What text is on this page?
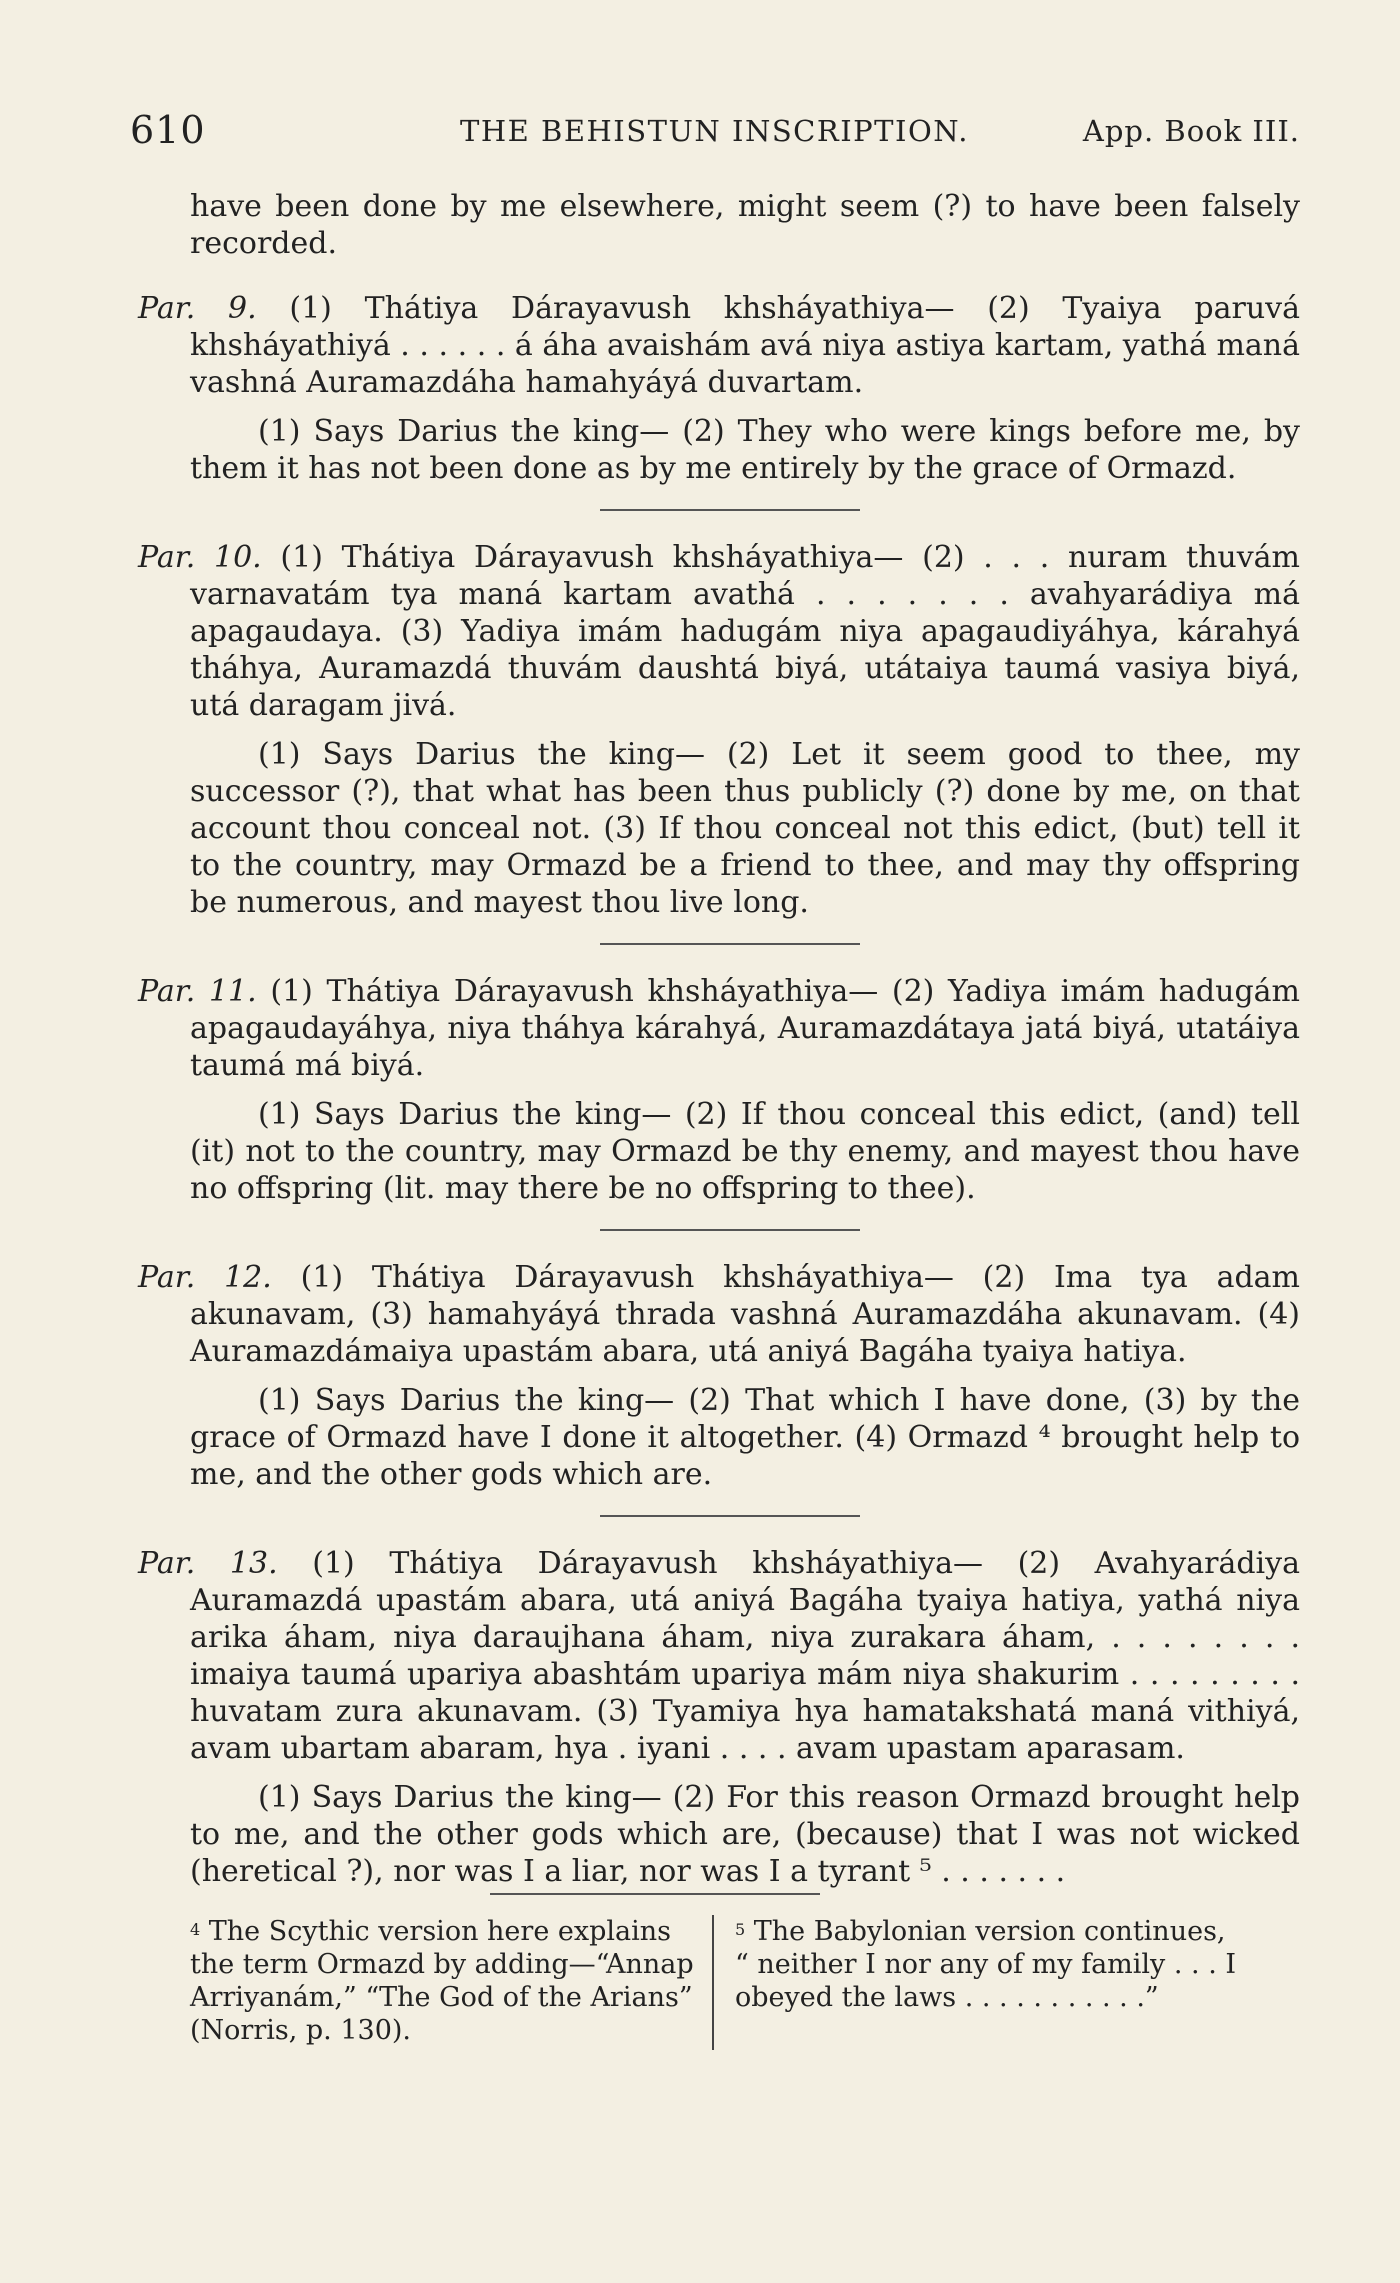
610	THE BEHISTUN INSCRIPTION.	App. Book III.

have been done by me elsewhere, might seem (?) to have been falsely recorded.

Par. 9. (1) Thátiya Dárayavush khsháyathiya— (2) Tyaiya paruvá khsháyathiyá . . . . . . á áha avaishám avá niya astiya kartam, yathá maná vashná Auramazdáha hamahyáyá duvartam.

(1) Says Darius the king— (2) They who were kings before me, by them it has not been done as by me entirely by the grace of Ormazd.

Par. 10. (1) Thátiya Dárayavush khsháyathiya— (2) . . . nuram thuvám varnavatám tya maná kartam avathá . . . . . . . avahyarádiya má apagaudaya. (3) Yadiya imám hadugám niya apagaudiyáhya, kárahyá tháhya, Auramazdá thuvám daushtá biyá, utátaiya taumá vasiya biyá, utá daragam jivá.

(1) Says Darius the king— (2) Let it seem good to thee, my successor (?), that what has been thus publicly (?) done by me, on that account thou conceal not. (3) If thou conceal not this edict, (but) tell it to the country, may Ormazd be a friend to thee, and may thy offspring be numerous, and mayest thou live long.

Par. 11. (1) Thátiya Dárayavush khsháyathiya— (2) Yadiya imám hadugám apagaudayáhya, niya tháhya kárahyá, Auramazdátaya jatá biyá, utatáiya taumá má biyá.

(1) Says Darius the king— (2) If thou conceal this edict, (and) tell (it) not to the country, may Ormazd be thy enemy, and mayest thou have no offspring (lit. may there be no offspring to thee).

Par. 12. (1) Thátiya Dárayavush khsháyathiya— (2) Ima tya adam akunavam, (3) hamahyáyá thrada vashná Auramazdáha akunavam. (4) Auramazdámaiya upastám abara, utá aniyá Bagáha tyaiya hatiya.

(1) Says Darius the king— (2) That which I have done, (3) by the grace of Ormazd have I done it altogether. (4) Ormazd ⁴ brought help to me, and the other gods which are.

Par. 13. (1) Thátiya Dárayavush khsháyathiya— (2) Avahyarádiya Auramazdá upastám abara, utá aniyá Bagáha tyaiya hatiya, yathá niya arika áham, niya daraujhana áham, niya zurakara áham, . . . . . . . . imaiya taumá upariya abashtám upariya mám niya shakurim . . . . . . . . . huvatam zura akunavam. (3) Tyamiya hya hamatakshatá maná vithiyá, avam ubartam abaram, hya . iyani . . . . avam upastam aparasam.

(1) Says Darius the king— (2) For this reason Ormazd brought help to me, and the other gods which are, (because) that I was not wicked (heretical ?), nor was I a liar, nor was I a tyrant ⁵ . . . . . . .

$^4$ The Scythic version here explains the term Ormazd by adding—“Annap Arriyanám,” “The God of the Arians” (Norris, p. 130).
$^5$ The Babylonian version continues, “ neither I nor any of my family . . . I obeyed the laws . . . . . . . . . . .”
